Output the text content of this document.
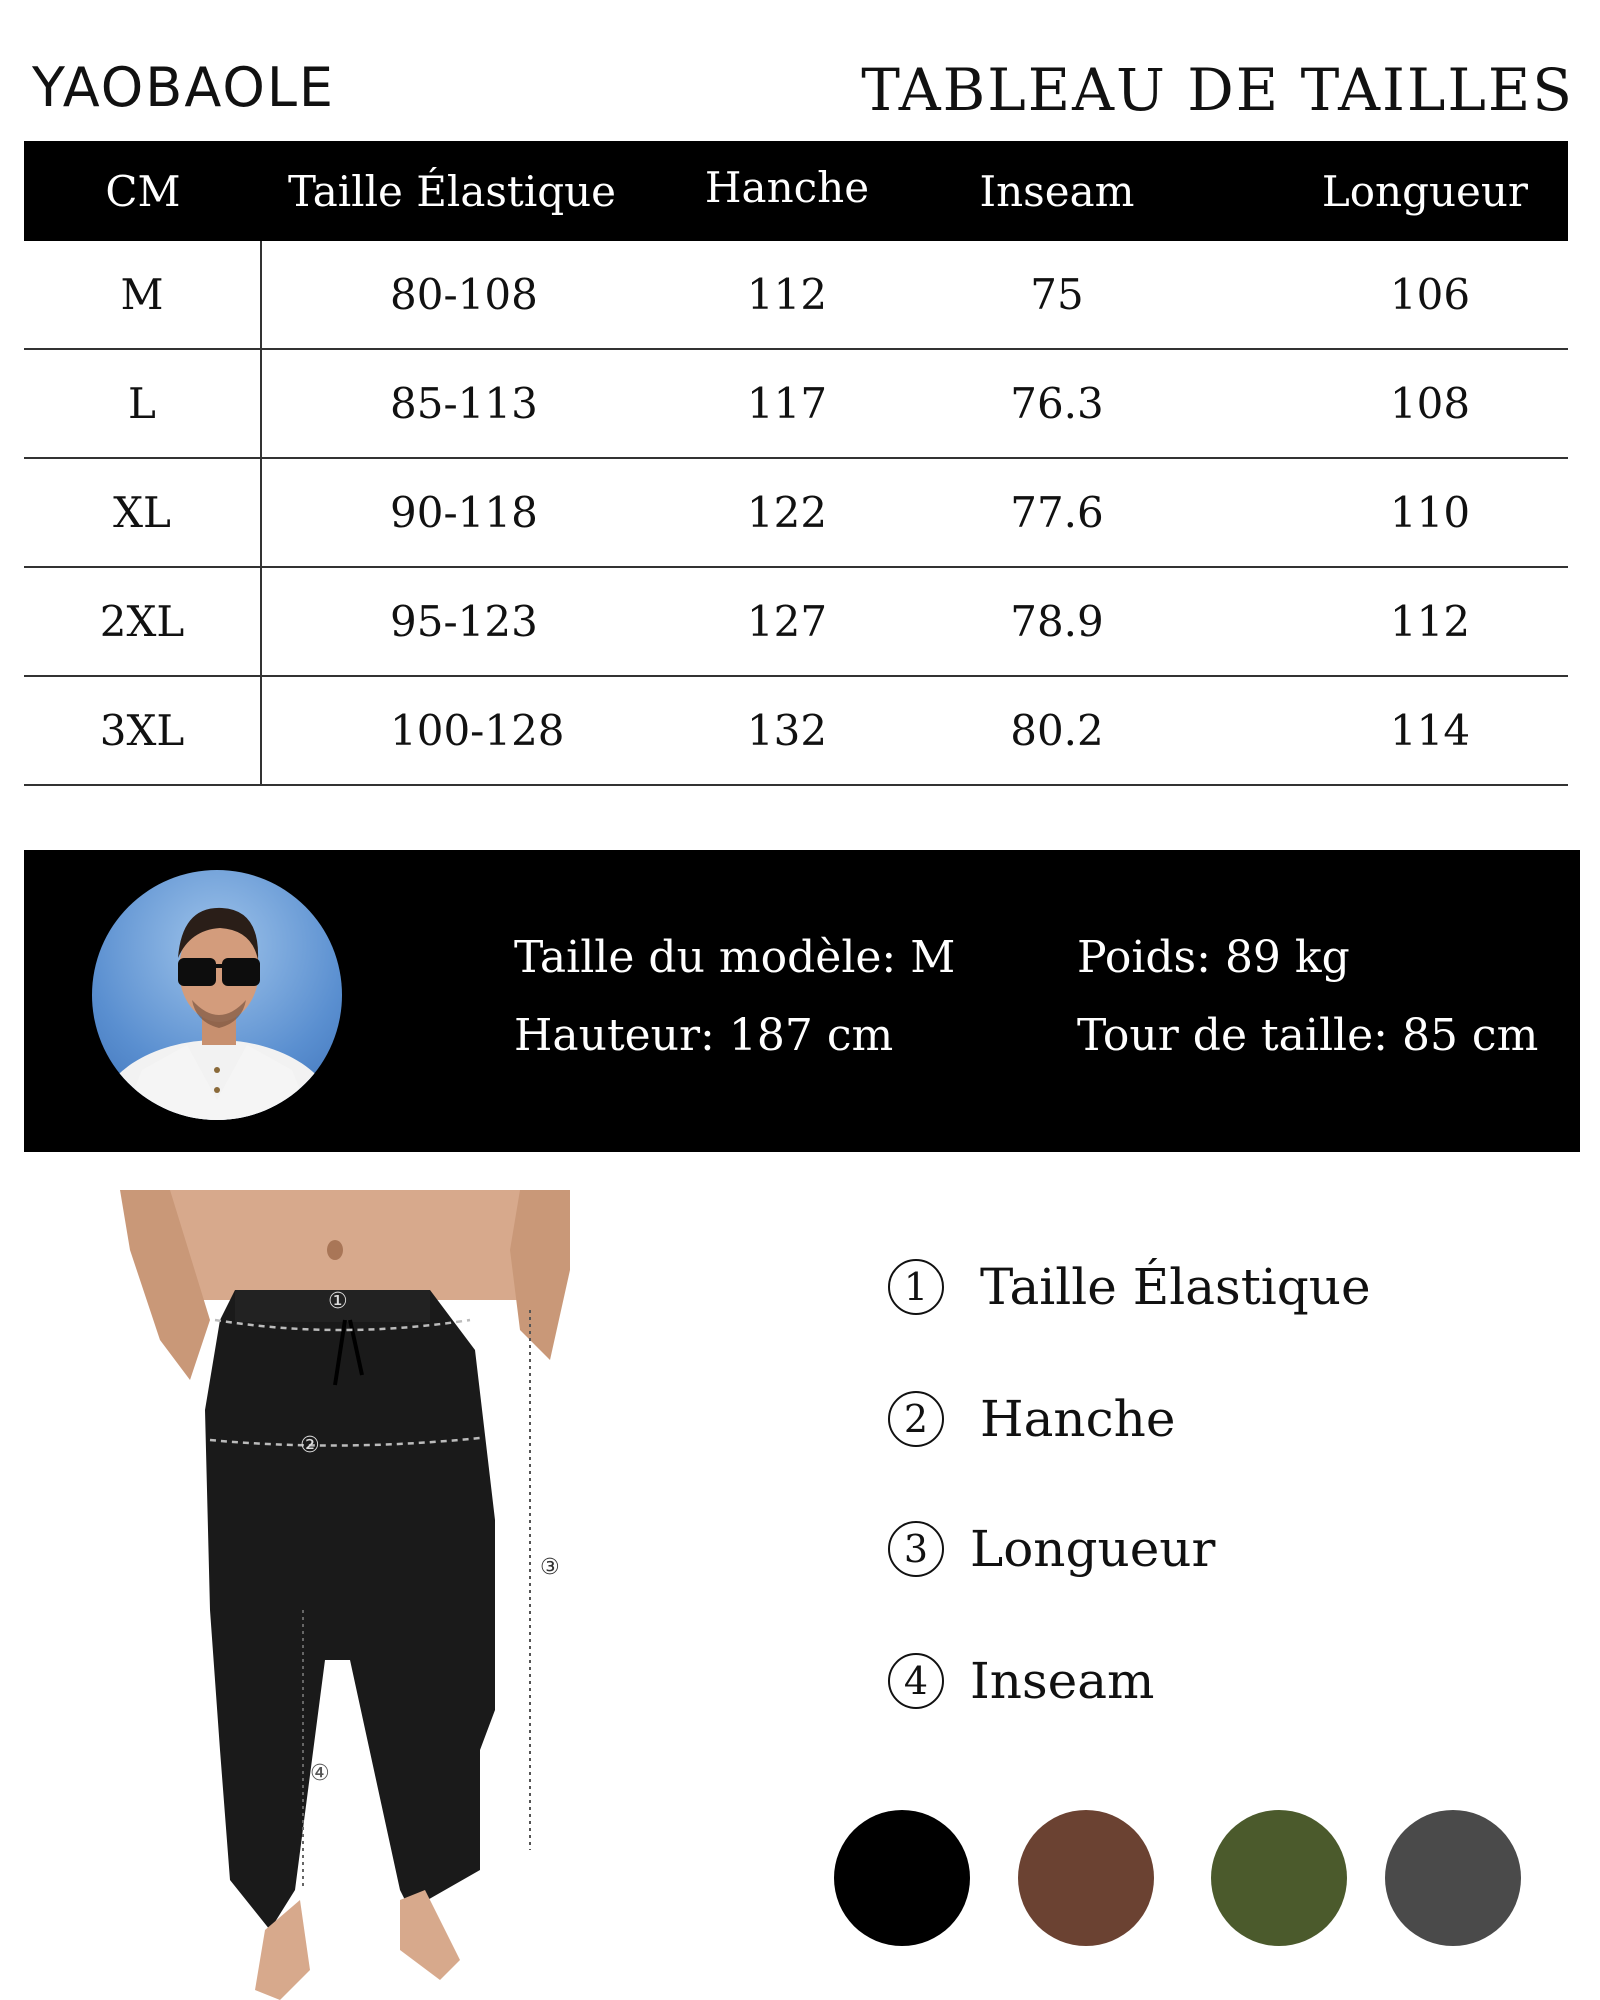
YAOBAOLE	TABLEAU DE TAILLES
CM	Taille Élastique	Hanche	Inseam	Longueur
M	80-108	112	75	106
L	85-113	117	76.3	108
XL	90-118	122	77.6	110
2XL	95-123	127	78.9	112
3XL	100-128	132	80.2	114
Taille du modèle: M
Hauteur: 187 cm
Poids: 89 kg
Tour de taille: 85 cm
①
②
③
④
1	Taille Élastique
2	Hanche
3 Longueur
4 Inseam
